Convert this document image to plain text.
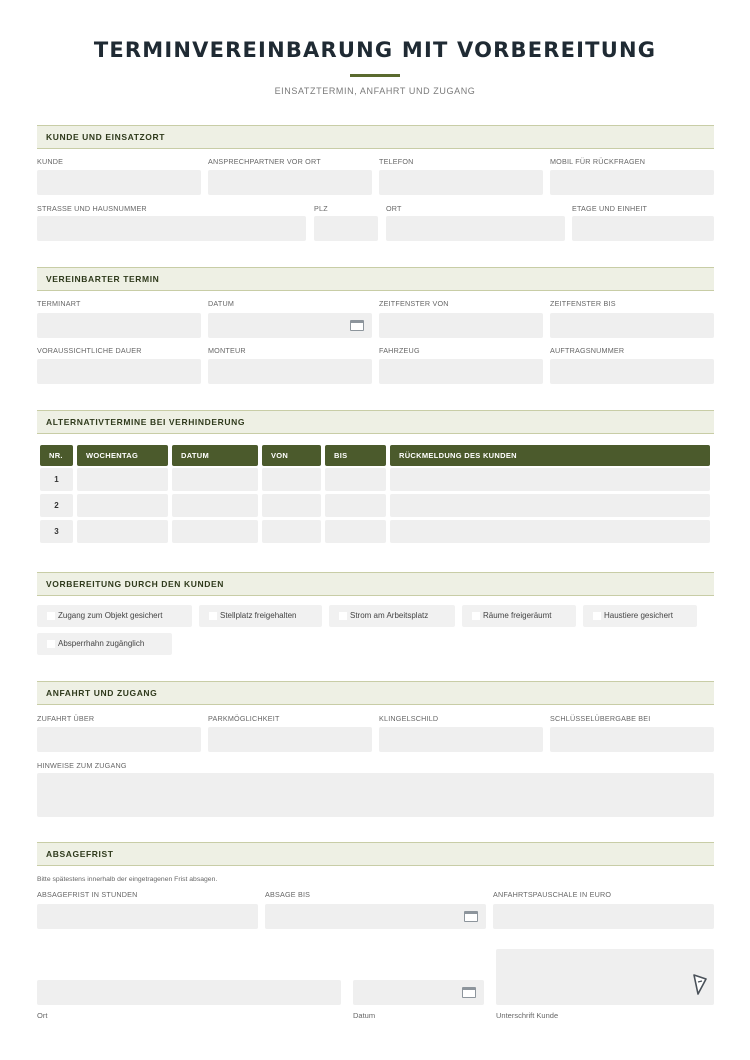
TERMINVEREINBARUNG MIT VORBEREITUNG
EINSATZTERMIN, ANFAHRT UND ZUGANG
KUNDE UND EINSATZORT
KUNDE	ANSPRECHPARTNER VOR ORT	TELEFON	MOBIL FÜR RÜCKFRAGEN
STRASSE UND HAUSNUMMER	PLZ	ORT	ETAGE UND EINHEIT
VEREINBARTER TERMIN
TERMINART	DATUM	ZEITFENSTER VON	ZEITFENSTER BIS
VORAUSSICHTLICHE DAUER	MONTEUR	FAHRZEUG	AUFTRAGSNUMMER
ALTERNATIVTERMINE BEI VERHINDERUNG
NR.	WOCHENTAG	DATUM	VON	BIS	RÜCKMELDUNG DES KUNDEN
1
2
3
VORBEREITUNG DURCH DEN KUNDEN
Zugang zum Objekt gesichert	Stellplatz freigehalten	Strom am Arbeitsplatz	Räume freigeräumt	Haustiere gesichert
Absperrhahn zugänglich
ANFAHRT UND ZUGANG
ZUFAHRT ÜBER	PARKMÖGLICHKEIT	KLINGELSCHILD	SCHLÜSSELÜBERGABE BEI
HINWEISE ZUM ZUGANG
ABSAGEFRIST
Bitte spätestens innerhalb der eingetragenen Frist absagen.
ABSAGEFRIST IN STUNDEN	ABSAGE BIS	ANFAHRTSPAUSCHALE IN EURO
Ort	Datum	Unterschrift Kunde
